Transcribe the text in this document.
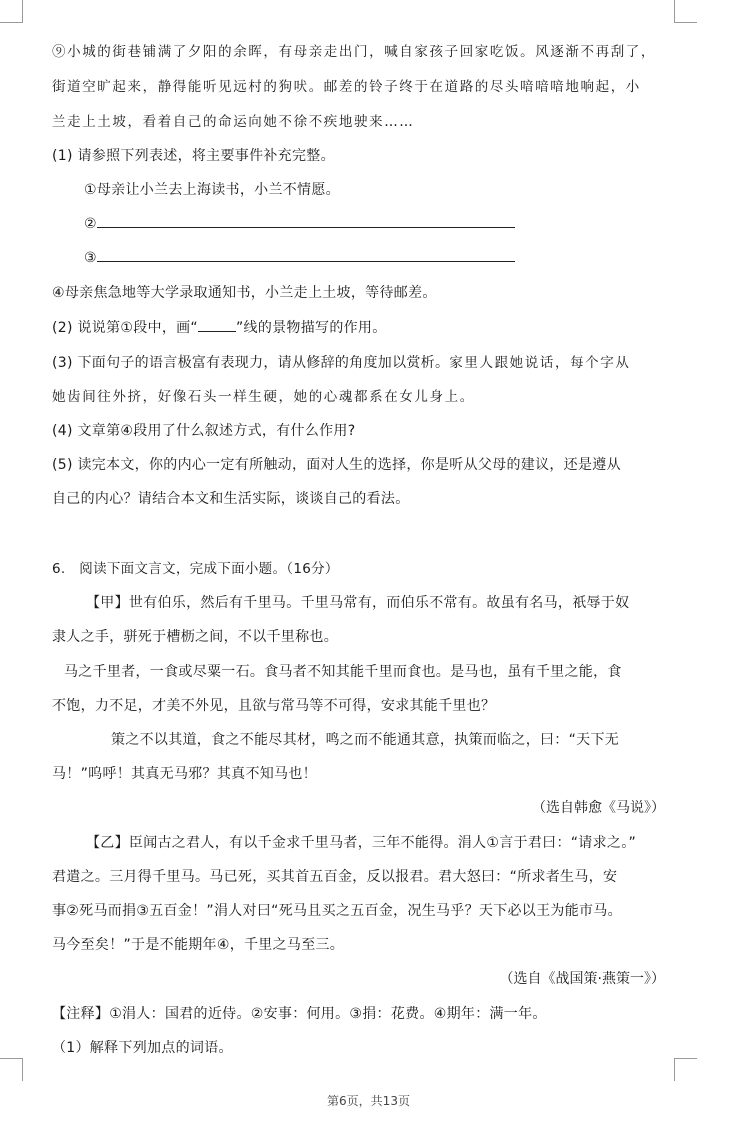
⑨小城的街巷铺满了夕阳的余晖，有母亲走出门，喊自家孩子回家吃饭。风逐渐不再刮了，
街道空旷起来，静得能听见远村的狗吠。邮差的铃子终于在道路的尽头喑喑喑地响起，小
兰走上土坡，看着自己的命运向她不徐不疾地驶来……
(1) 请参照下列表述，将主要事件补充完整。
①母亲让小兰去上海读书，小兰不情愿。
②
③
④母亲焦急地等大学录取通知书，小兰走上土坡，等待邮差。
(2) 说说第①段中，画“	”线的景物描写的作用。
(3) 下面句子的语言极富有表现力，请从修辞的角度加以赏析。家里人跟她说话，每个字从
她齿间往外挤，好像石头一样生硬，她的心魂都系在女儿身上。
(4) 文章第④段用了什么叙述方式，有什么作用?
(5) 读完本文，你的内心一定有所触动，面对人生的选择，你是听从父母的建议，还是遵从
自己的内心？请结合本文和生活实际，谈谈自己的看法。
6.　阅读下面文言文，完成下面小题。（16分）
【甲】世有伯乐，然后有千里马。千里马常有，而伯乐不常有。故虽有名马，祇辱于奴
隶人之手，骈死于槽枥之间，不以千里称也。
马之千里者，一食或尽粟一石。食马者不知其能千里而食也。是马也，虽有千里之能，食
不饱，力不足，才美不外见，且欲与常马等不可得，安求其能千里也？
策之不以其道，食之不能尽其材，鸣之而不能通其意，执策而临之，曰：“天下无
马！”呜呼！其真无马邪？其真不知马也！
（选自韩愈《马说》）
【乙】臣闻古之君人，有以千金求千里马者，三年不能得。涓人①言于君曰：“请求之。”
君遣之。三月得千里马。马已死，买其首五百金，反以报君。君大怒曰：“所求者生马，安
事②死马而捐③五百金！”涓人对曰“死马且买之五百金，况生马乎？天下必以王为能市马。
马今至矣！”于是不能期年④，千里之马至三。
（选自《战国策·燕策一》）
【注释】①涓人：国君的近侍。②安事：何用。③捐：花费。④期年：满一年。
（1）解释下列加点的词语。
第6页，共13页
